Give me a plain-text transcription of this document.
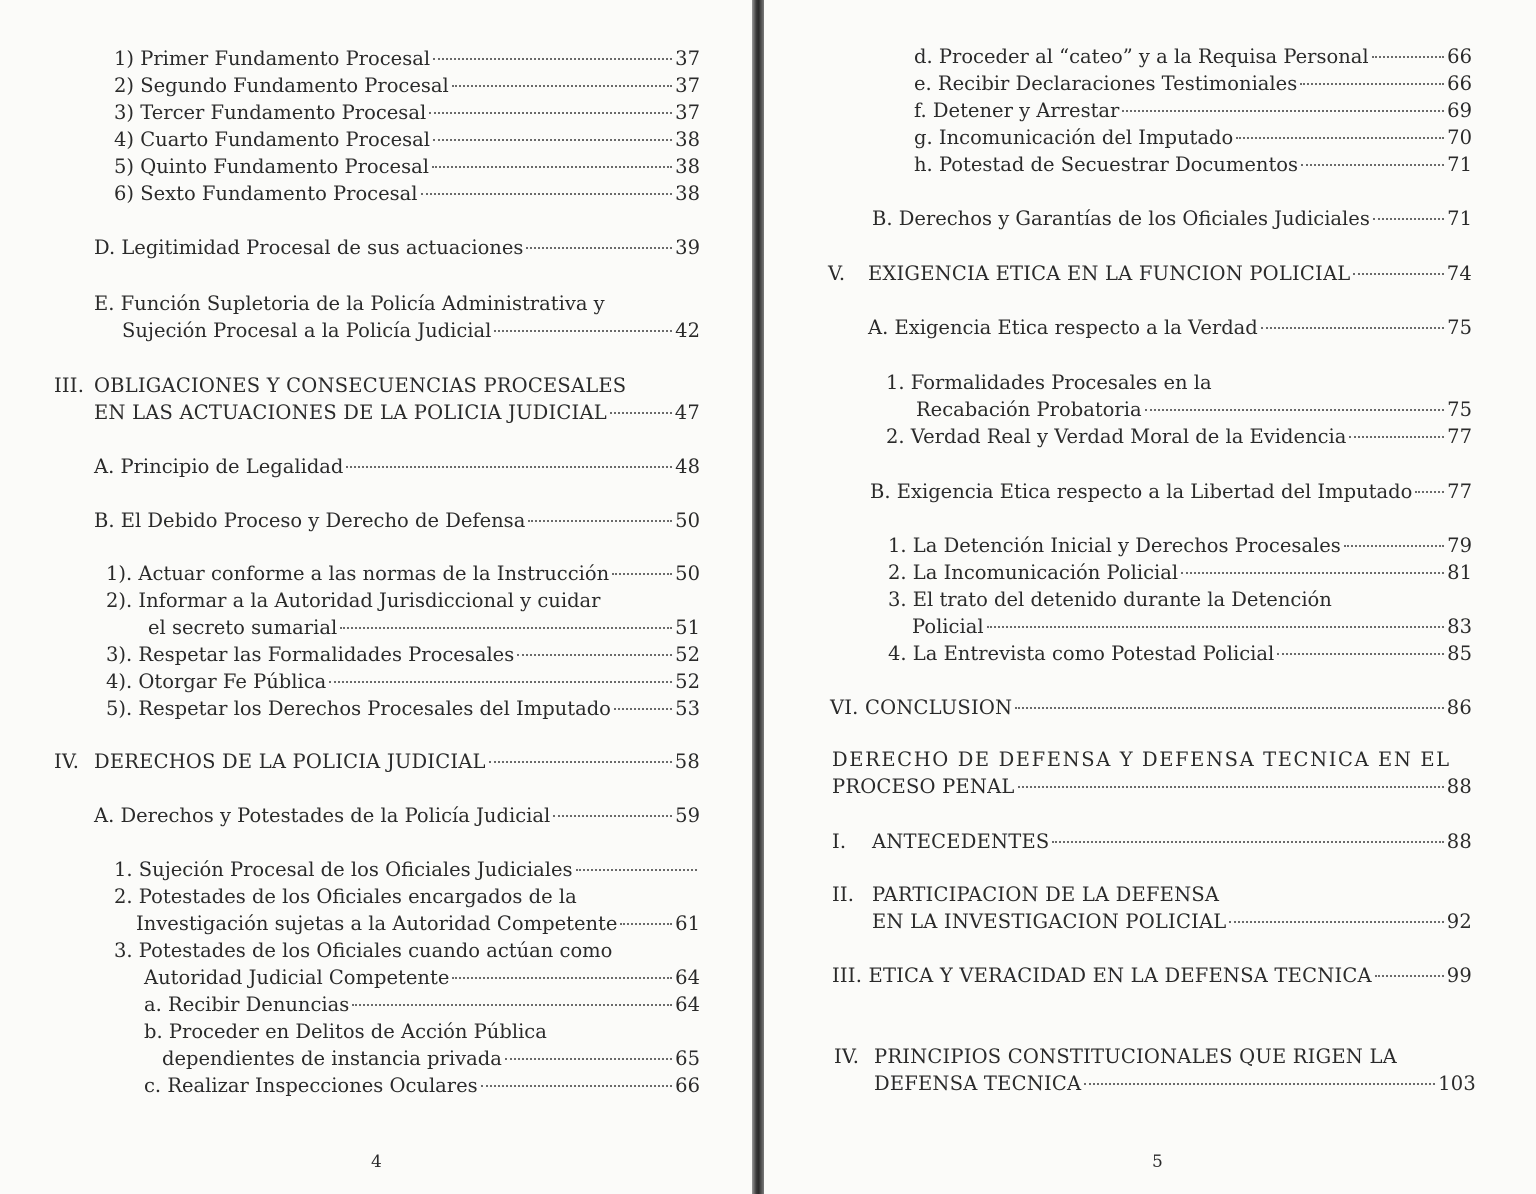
1) Primer Fundamento Procesal	37
2) Segundo Fundamento Procesal	37
3) Tercer Fundamento Procesal	37
4) Cuarto Fundamento Procesal	38
5) Quinto Fundamento Procesal	38
6) Sexto Fundamento Procesal	38
D. Legitimidad Procesal de sus actuaciones	39
E. Función Supletoria de la Policía Administrativa y
Sujeción Procesal a la Policía Judicial	42
III. OBLIGACIONES Y CONSECUENCIAS PROCESALES
EN LAS ACTUACIONES DE LA POLICIA JUDICIAL	47
A. Principio de Legalidad	48
B. El Debido Proceso y Derecho de Defensa	50
1). Actuar conforme a las normas de la Instrucción	50
2). Informar a la Autoridad Jurisdiccional y cuidar
el secreto sumarial	51
3). Respetar las Formalidades Procesales	52
4). Otorgar Fe Pública	52
5). Respetar los Derechos Procesales del Imputado	53
IV. DERECHOS DE LA POLICIA JUDICIAL	58
A. Derechos y Potestades de la Policía Judicial	59
1. Sujeción Procesal de los Oficiales Judiciales
2. Potestades de los Oficiales encargados de la
Investigación sujetas a la Autoridad Competente	61
3. Potestades de los Oficiales cuando actúan como
Autoridad Judicial Competente	64
a. Recibir Denuncias	64
b. Proceder en Delitos de Acción Pública
dependientes de instancia privada	65
c. Realizar Inspecciones Oculares	66
4
d. Proceder al “cateo” y a la Requisa Personal	66
e. Recibir Declaraciones Testimoniales	66
f. Detener y Arrestar	69
g. Incomunicación del Imputado	70
h. Potestad de Secuestrar Documentos	71
B. Derechos y Garantías de los Oficiales Judiciales	71
V.	EXIGENCIA ETICA EN LA FUNCION POLICIAL	74
A. Exigencia Etica respecto a la Verdad	75
1. Formalidades Procesales en la
Recabación Probatoria	75
2. Verdad Real y Verdad Moral de la Evidencia	77
B. Exigencia Etica respecto a la Libertad del Imputado 77
1. La Detención Inicial y Derechos Procesales	79
2. La Incomunicación Policial	81
3. El trato del detenido durante la Detención
Policial	83
4. La Entrevista como Potestad Policial	85
VI. CONCLUSION	86
DERECHO DE DEFENSA Y DEFENSA TECNICA EN EL
PROCESO PENAL	88
I.	ANTECEDENTES	88
II. PARTICIPACION DE LA DEFENSA
EN LA INVESTIGACION POLICIAL	92
III. ETICA Y VERACIDAD EN LA DEFENSA TECNICA	99
IV. PRINCIPIOS CONSTITUCIONALES QUE RIGEN LA
DEFENSA TECNICA	103
5
